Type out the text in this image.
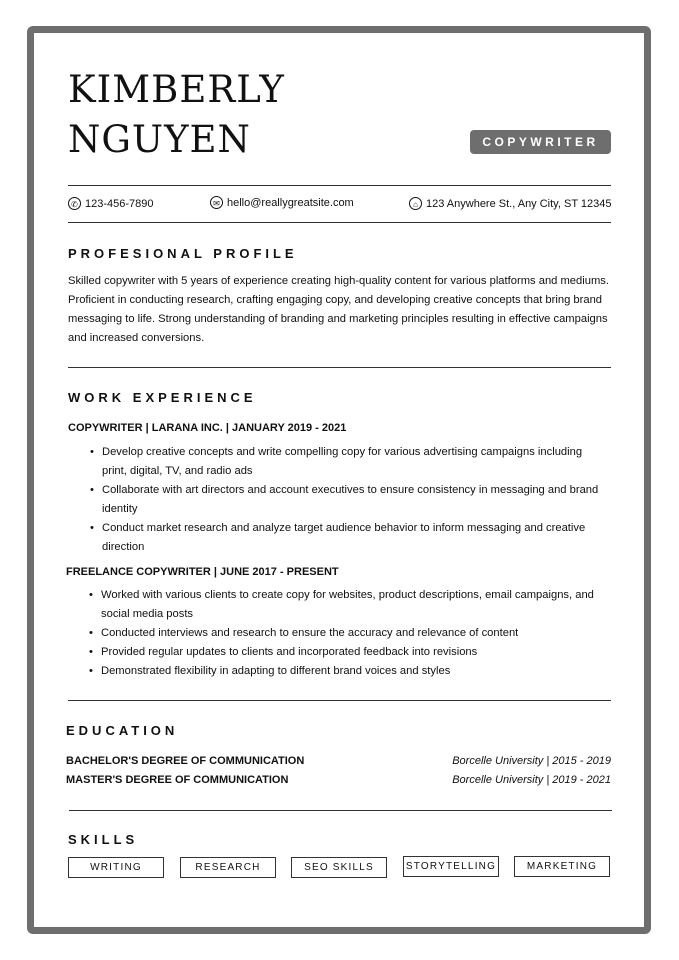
KIMBERLY
NGUYEN	COPYWRITER
✆ 123-456-7890	✉ hello@reallygreatsite.com	⌂ 123 Anywhere St., Any City, ST 12345
PROFESIONAL PROFILE
Skilled copywriter with 5 years of experience creating high-quality content for various platforms and mediums. Proficient in conducting research, crafting engaging copy, and developing creative concepts that bring brand messaging to life. Strong understanding of branding and marketing principles resulting in effective campaigns and increased conversions.
WORK EXPERIENCE
COPYWRITER | LARANA INC. | JANUARY 2019 - 2021
• Develop creative concepts and write compelling copy for various advertising campaigns including print, digital, TV, and radio ads
• Collaborate with art directors and account executives to ensure consistency in messaging and brand identity
• Conduct market research and analyze target audience behavior to inform messaging and creative direction
FREELANCE COPYWRITER | JUNE 2017 - PRESENT
• Worked with various clients to create copy for websites, product descriptions, email campaigns, and social media posts
• Conducted interviews and research to ensure the accuracy and relevance of content
• Provided regular updates to clients and incorporated feedback into revisions
• Demonstrated flexibility in adapting to different brand voices and styles
EDUCATION
BACHELOR'S DEGREE OF COMMUNICATION	Borcelle University | 2015 - 2019
MASTER'S DEGREE OF COMMUNICATION	Borcelle University | 2019 - 2021
SKILLS
WRITING	RESEARCH	SEO SKILLS	STORYTELLING	MARKETING
